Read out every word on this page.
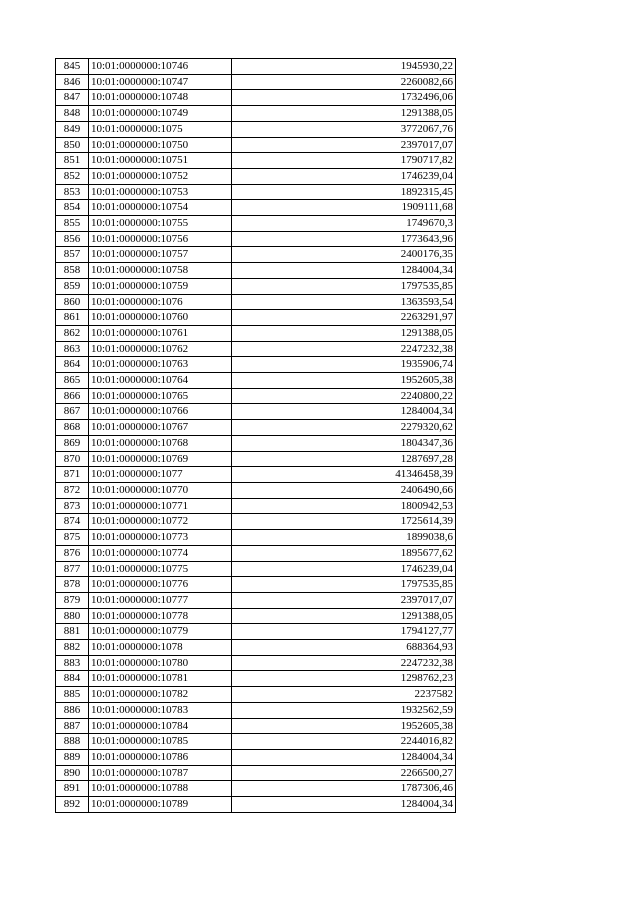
845	10:01:0000000:10746	1945930,22
846	10:01:0000000:10747	2260082,66
847	10:01:0000000:10748	1732496,06
848	10:01:0000000:10749	1291388,05
849	10:01:0000000:1075	3772067,76
850	10:01:0000000:10750	2397017,07
851	10:01:0000000:10751	1790717,82
852	10:01:0000000:10752	1746239,04
853	10:01:0000000:10753	1892315,45
854	10:01:0000000:10754	1909111,68
855	10:01:0000000:10755	1749670,3
856	10:01:0000000:10756	1773643,96
857	10:01:0000000:10757	2400176,35
858	10:01:0000000:10758	1284004,34
859	10:01:0000000:10759	1797535,85
860	10:01:0000000:1076	1363593,54
861	10:01:0000000:10760	2263291,97
862	10:01:0000000:10761	1291388,05
863	10:01:0000000:10762	2247232,38
864	10:01:0000000:10763	1935906,74
865	10:01:0000000:10764	1952605,38
866	10:01:0000000:10765	2240800,22
867	10:01:0000000:10766	1284004,34
868	10:01:0000000:10767	2279320,62
869	10:01:0000000:10768	1804347,36
870	10:01:0000000:10769	1287697,28
871	10:01:0000000:1077	41346458,39
872	10:01:0000000:10770	2406490,66
873	10:01:0000000:10771	1800942,53
874	10:01:0000000:10772	1725614,39
875	10:01:0000000:10773	1899038,6
876	10:01:0000000:10774	1895677,62
877	10:01:0000000:10775	1746239,04
878	10:01:0000000:10776	1797535,85
879	10:01:0000000:10777	2397017,07
880	10:01:0000000:10778	1291388,05
881	10:01:0000000:10779	1794127,77
882	10:01:0000000:1078	688364,93
883	10:01:0000000:10780	2247232,38
884	10:01:0000000:10781	1298762,23
885	10:01:0000000:10782	2237582
886	10:01:0000000:10783	1932562,59
887	10:01:0000000:10784	1952605,38
888	10:01:0000000:10785	2244016,82
889	10:01:0000000:10786	1284004,34
890	10:01:0000000:10787	2266500,27
891	10:01:0000000:10788	1787306,46
892	10:01:0000000:10789	1284004,34
